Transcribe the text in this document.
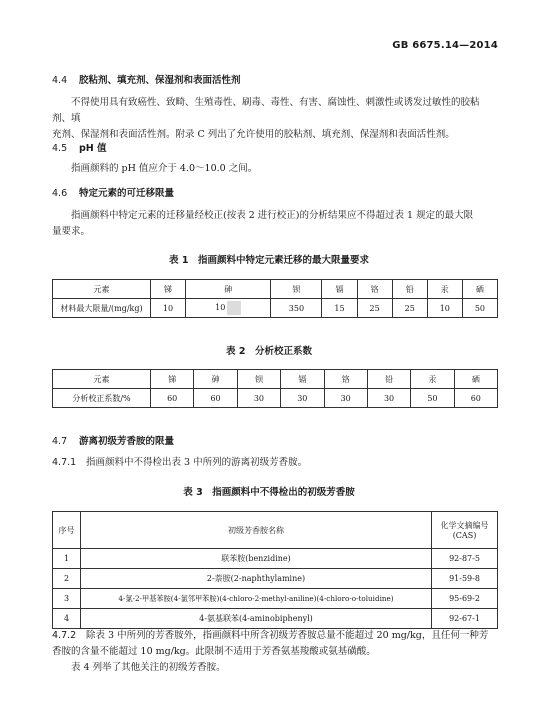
GB 6675.14—2014
4.4 胶粘剂、填充剂、保湿剂和表面活性剂
不得使用具有致癌性、致畸、生殖毒性、刷毒、毒性、有害、腐蚀性、刺激性或诱发过敏性的胶粘剂、填
充剂、保湿剂和表面活性剂。附录 C 列出了允许使用的胶粘剂、填充剂、保湿剂和表面活性剂。
4.5 pH 值
指画颜料的 pH 值应介于 4.0～10.0 之间。
4.6 特定元素的可迁移限量
指画颜料中特定元素的迁移量经校正(按表 2 进行校正)的分析结果应不得超过表 1 规定的最大限
量要求。
表 1　指画颜料中特定元素迁移的最大限量要求
元素	锑	砷	钡	镉	铬	铅	汞	硒
材料最大限量/(mg/kg)	10	10	350	15	25	25	10	50
表 2　分析校正系数
元素	锑	砷	钡	镉	铬	铅	汞	硒
分析校正系数/%	60	60	30	30	30	30	50	60
4.7 游离初级芳香胺的限量
4.7.1 指画颜料中不得检出表 3 中所列的游离初级芳香胺。
表 3　指画颜料中不得检出的初级芳香胺
序号	初级芳香胺名称	化学文摘编号
(CAS)

1	联苯胺(benzidine)	92-87-5
2	2-萘胺(2-naphthylamine)	91-59-8
3	4-氯-2-甲基苯胺(4-氯邻甲苯胺)(4-chloro-2-methyl-aniline)(4-chloro-o-toluidine)	95-69-2
4	4-氨基联苯(4-aminobiphenyl)	92-67-1
4.7.2 除表 3 中所列的芳香胺外，指画颜料中所含初级芳香胺总量不能超过 20 mg/kg，且任何一种芳
香胺的含量不能超过 10 mg/kg。此限制不适用于芳香氨基羧酸或氨基磺酸。
表 4 列举了其他关注的初级芳香胺。
